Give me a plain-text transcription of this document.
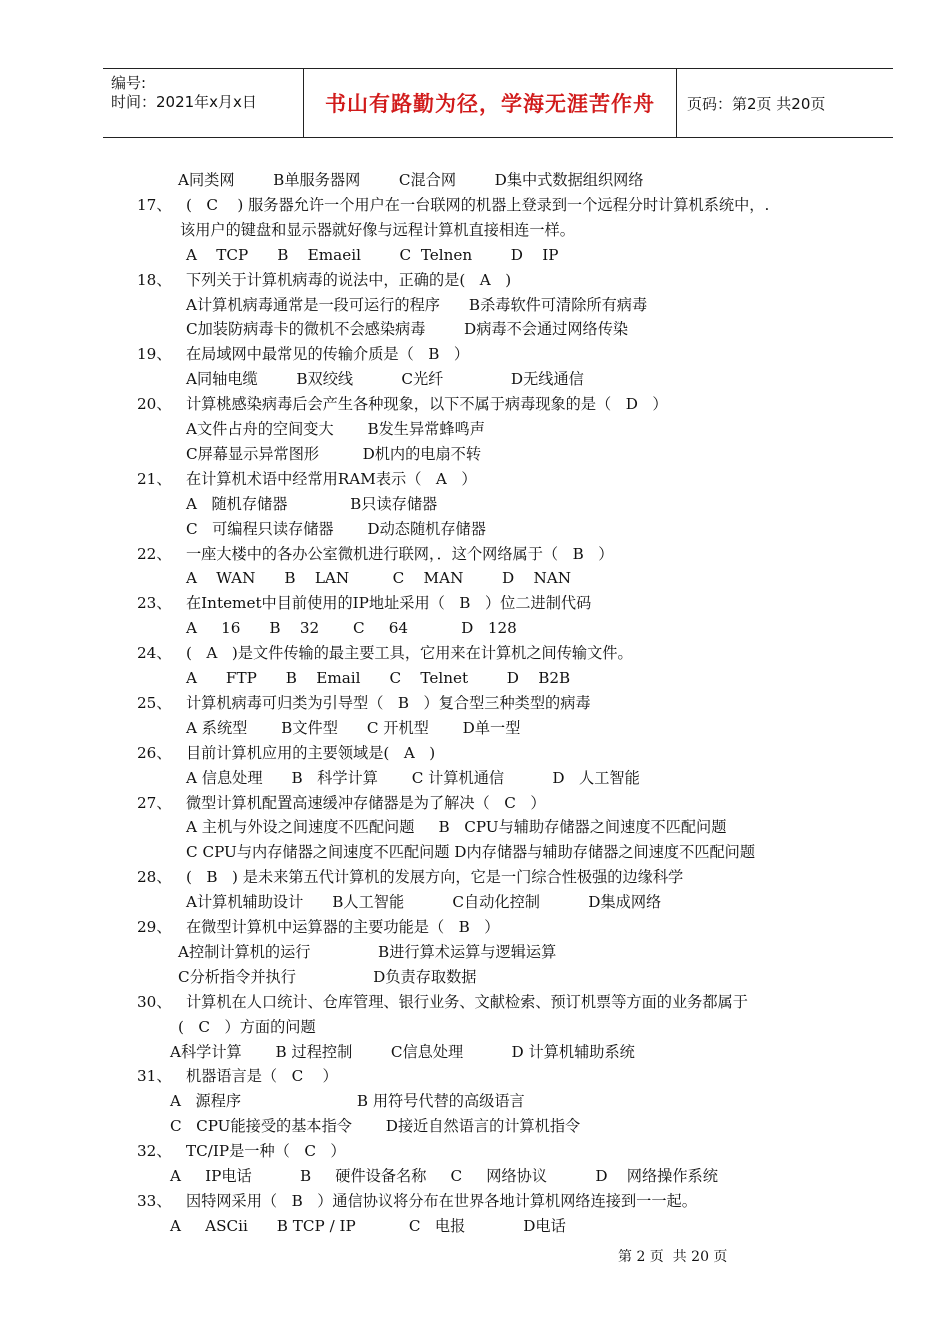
编号:
时间：2021年x月x日	书山有路勤为径，学海无涯苦作舟	页码：第2页 共20页
A同类网        B单服务器网        C混合网        D集中式数据组织网络
17、   (   C    ) 服务器允许一个用户在一台联网的机器上登录到一个远程分时计算机系统中，.
该用户的键盘和显示器就好像与远程计算机直接相连一样。
A    TCP      B    Emaeil        C  Telnen        D    IP
18、   下列关于计算机病毒的说法中，正确的是(   A   )
A计算机病毒通常是一段可运行的程序      B杀毒软件可清除所有病毒
C加装防病毒卡的微机不会感染病毒        D病毒不会通过网络传染
19、   在局域网中最常见的传输介质是（   B   ）
A同轴电缆        B双绞线          C光纤              D无线通信
20、   计算桃感染病毒后会产生各种现象，以下不属于病毒现象的是（   D   ）
A文件占舟的空间变大       B发生异常蜂鸣声
C屏幕显示异常图形         D机内的电扇不转
21、   在计算机术语中经常用RAM表示（   A   ）
A   随机存储器             B只读存储器
C   可编程只读存储器       D动态随机存储器
22、   一座大楼中的各办公室微机进行联网，．这个网络属于（   B   ）
A    WAN      B    LAN         C    MAN        D    NAN
23、   在Intemet中目前使用的IP地址采用（   B   ）位二进制代码
A     16      B    32       C     64           D   128
24、   (   A   )是文件传输的最主要工具，它用来在计算机之间传输文件。
A      FTP      B    Email      C    Telnet        D    B2B
25、   计算机病毒可归类为引导型（   B   ）复合型三种类型的病毒
A 系统型       B文件型      C 开机型       D单一型
26、   目前计算机应用的主要领域是(   A   )
A 信息处理      B   科学计算       C 计算机通信          D   人工智能
27、   微型计算机配置高速缓冲存储器是为了解决（   C   ）
A 主机与外设之间速度不匹配问题     B   CPU与辅助存储器之间速度不匹配问题
C CPU与内存储器之间速度不匹配问题 D内存储器与辅助存储器之间速度不匹配问题
28、   (   B   ) 是未来第五代计算机的发展方向，它是一门综合性极强的边缘科学
A计算机辅助设计      B人工智能          C自动化控制          D集成网络
29、   在微型计算机中运算器的主要功能是（   B   ）
A控制计算机的运行              B进行算术运算与逻辑运算
C分析指令并执行                D负责存取数据
30、   计算机在人口统计、仓库管理、银行业务、文献检索、预订机票等方面的业务都属于
(   C   ）方面的问题
A科学计算       B 过程控制        C信息处理          D 计算机辅助系统
31、   机器语言是（   C    ）
A   源程序                        B 用符号代替的高级语言
C   CPU能接受的基本指令       D接近自然语言的计算机指令
32、   TC/IP是一种（   C   ）
A     IP电话          B     硬件设备名称     C     网络协议          D    网络操作系统
33、   因特网采用（   B   ）通信协议将分布在世界各地计算机网络连接到一一起。
A     ASCii      B TCP / IP           C   电报            D电话
第 2 页  共 20 页
